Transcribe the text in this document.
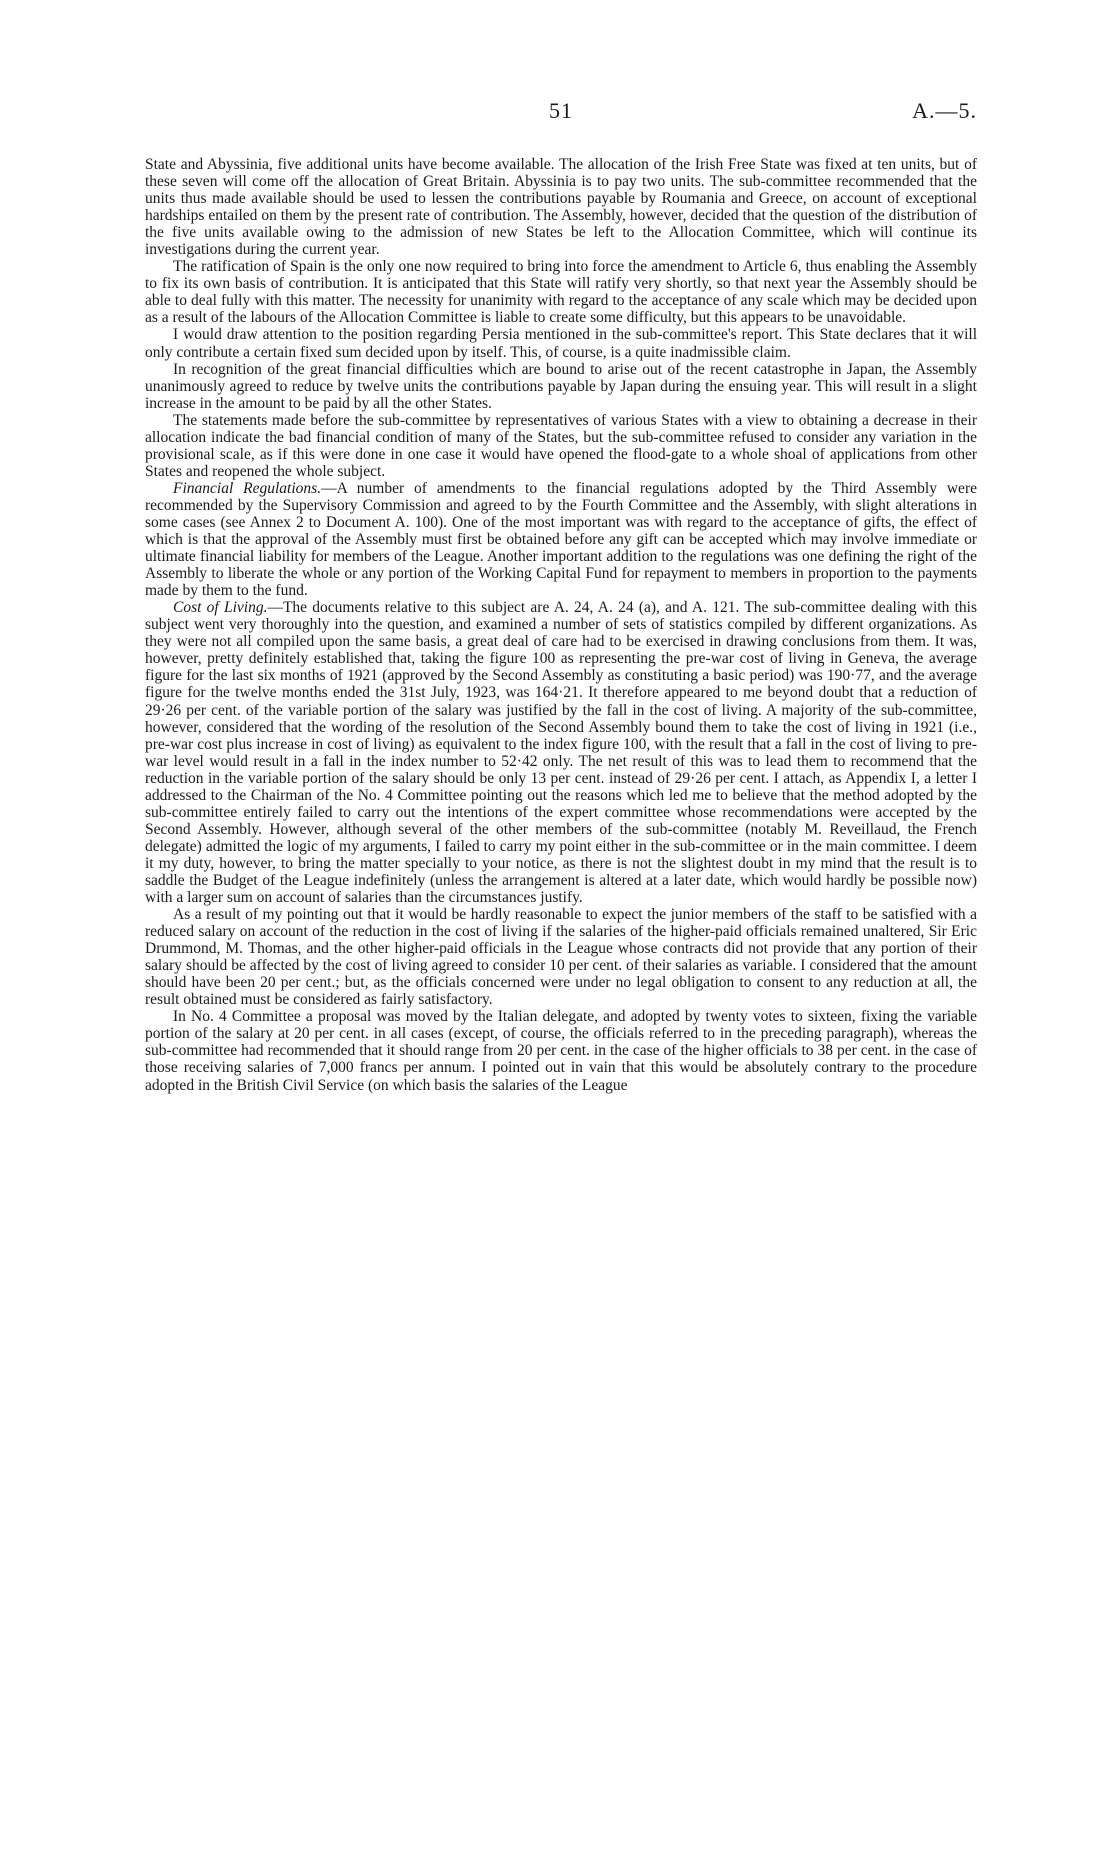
51	A.—5.

State and Abyssinia, five additional units have become available. The allocation of the Irish Free State was fixed at ten units, but of these seven will come off the allocation of Great Britain. Abyssinia is to pay two units. The sub-committee recommended that the units thus made available should be used to lessen the contributions payable by Roumania and Greece, on account of exceptional hardships entailed on them by the present rate of contribution. The Assembly, however, decided that the question of the distribution of the five units available owing to the admission of new States be left to the Allocation Committee, which will continue its investigations during the current year.

The ratification of Spain is the only one now required to bring into force the amendment to Article 6, thus enabling the Assembly to fix its own basis of contribution. It is anticipated that this State will ratify very shortly, so that next year the Assembly should be able to deal fully with this matter. The necessity for unanimity with regard to the acceptance of any scale which may be decided upon as a result of the labours of the Allocation Committee is liable to create some difficulty, but this appears to be unavoidable.

I would draw attention to the position regarding Persia mentioned in the sub-committee's report. This State declares that it will only contribute a certain fixed sum decided upon by itself. This, of course, is a quite inadmissible claim.

In recognition of the great financial difficulties which are bound to arise out of the recent catastrophe in Japan, the Assembly unanimously agreed to reduce by twelve units the contributions payable by Japan during the ensuing year. This will result in a slight increase in the amount to be paid by all the other States.

The statements made before the sub-committee by representatives of various States with a view to obtaining a decrease in their allocation indicate the bad financial condition of many of the States, but the sub-committee refused to consider any variation in the provisional scale, as if this were done in one case it would have opened the flood-gate to a whole shoal of applications from other States and reopened the whole subject.

Financial Regulations.—A number of amendments to the financial regulations adopted by the Third Assembly were recommended by the Supervisory Commission and agreed to by the Fourth Committee and the Assembly, with slight alterations in some cases (see Annex 2 to Document A. 100). One of the most important was with regard to the acceptance of gifts, the effect of which is that the approval of the Assembly must first be obtained before any gift can be accepted which may involve immediate or ultimate financial liability for members of the League. Another important addition to the regulations was one defining the right of the Assembly to liberate the whole or any portion of the Working Capital Fund for repayment to members in proportion to the payments made by them to the fund.

Cost of Living.—The documents relative to this subject are A. 24, A. 24 (a), and A. 121. The sub-committee dealing with this subject went very thoroughly into the question, and examined a number of sets of statistics compiled by different organizations. As they were not all compiled upon the same basis, a great deal of care had to be exercised in drawing conclusions from them. It was, however, pretty definitely established that, taking the figure 100 as representing the pre-war cost of living in Geneva, the average figure for the last six months of 1921 (approved by the Second Assembly as constituting a basic period) was 190·77, and the average figure for the twelve months ended the 31st July, 1923, was 164·21. It therefore appeared to me beyond doubt that a reduction of 29·26 per cent. of the variable portion of the salary was justified by the fall in the cost of living. A majority of the sub-committee, however, considered that the wording of the resolution of the Second Assembly bound them to take the cost of living in 1921 (i.e., pre-war cost plus increase in cost of living) as equivalent to the index figure 100, with the result that a fall in the cost of living to pre-war level would result in a fall in the index number to 52·42 only. The net result of this was to lead them to recommend that the reduction in the variable portion of the salary should be only 13 per cent. instead of 29·26 per cent. I attach, as Appendix I, a letter I addressed to the Chairman of the No. 4 Committee pointing out the reasons which led me to believe that the method adopted by the sub-committee entirely failed to carry out the intentions of the expert committee whose recommendations were accepted by the Second Assembly. However, although several of the other members of the sub-committee (notably M. Reveillaud, the French delegate) admitted the logic of my arguments, I failed to carry my point either in the sub-committee or in the main committee. I deem it my duty, however, to bring the matter specially to your notice, as there is not the slightest doubt in my mind that the result is to saddle the Budget of the League indefinitely (unless the arrangement is altered at a later date, which would hardly be possible now) with a larger sum on account of salaries than the circumstances justify.

As a result of my pointing out that it would be hardly reasonable to expect the junior members of the staff to be satisfied with a reduced salary on account of the reduction in the cost of living if the salaries of the higher-paid officials remained unaltered, Sir Eric Drummond, M. Thomas, and the other higher-paid officials in the League whose contracts did not provide that any portion of their salary should be affected by the cost of living agreed to consider 10 per cent. of their salaries as variable. I considered that the amount should have been 20 per cent.; but, as the officials concerned were under no legal obligation to consent to any reduction at all, the result obtained must be considered as fairly satisfactory.

In No. 4 Committee a proposal was moved by the Italian delegate, and adopted by twenty votes to sixteen, fixing the variable portion of the salary at 20 per cent. in all cases (except, of course, the officials referred to in the preceding paragraph), whereas the sub-committee had recommended that it should range from 20 per cent. in the case of the higher officials to 38 per cent. in the case of those receiving salaries of 7,000 francs per annum. I pointed out in vain that this would be absolutely contrary to the procedure adopted in the British Civil Service (on which basis the salaries of the League
